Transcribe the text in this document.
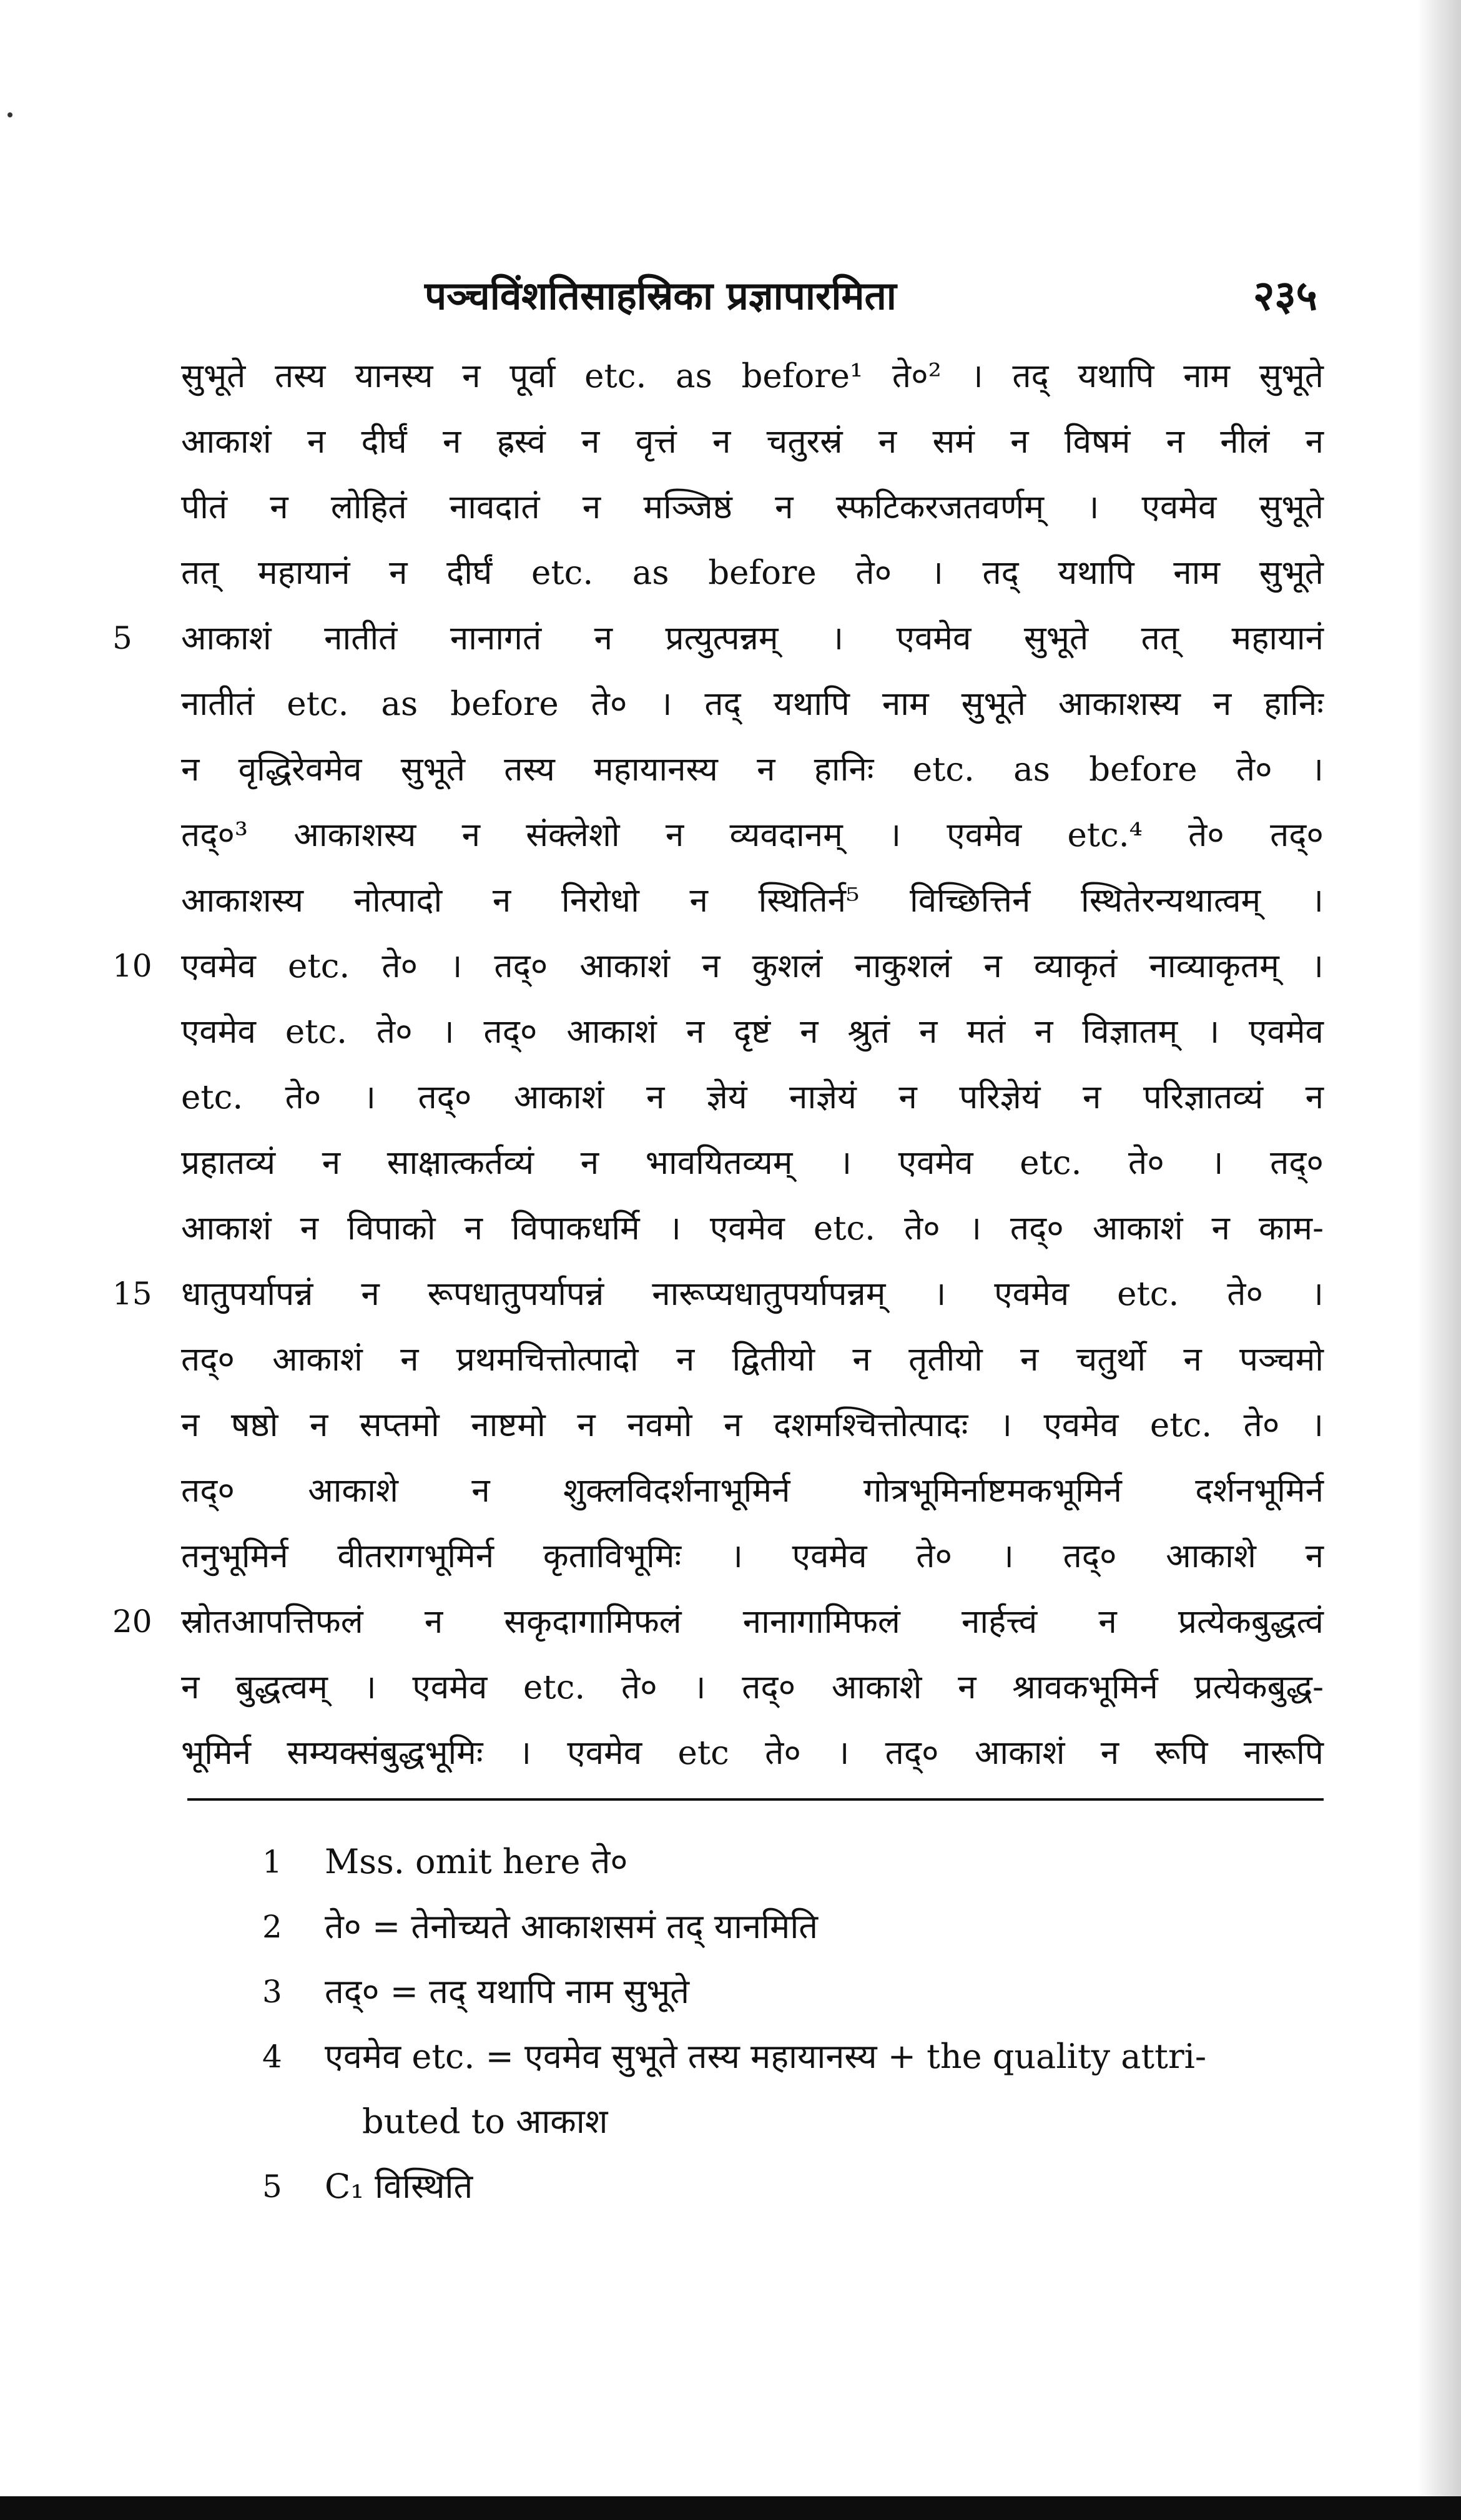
पञ्चविंशतिसाहस्रिका प्रज्ञापारमिता	२३५
सुभूते तस्य यानस्य न पूर्वा etc. as before¹ ते०² । तद् यथापि नाम सुभूते
आकाशं न दीर्घं न ह्रस्वं न वृत्तं न चतुरस्रं न समं न विषमं न नीलं न
पीतं न लोहितं नावदातं न मञ्जिष्ठं न स्फटिकरजतवर्णम् । एवमेव सुभूते
तत् महायानं न दीर्घं etc. as before ते० । तद् यथापि नाम सुभूते
5	आकाशं नातीतं नानागतं न प्रत्युत्पन्नम् । एवमेव सुभूते तत् महायानं
नातीतं etc. as before ते० । तद् यथापि नाम सुभूते आकाशस्य न हानिः
न वृद्धिरेवमेव सुभूते तस्य महायानस्य न हानिः etc. as before ते० ।
तद्०³ आकाशस्य न संक्लेशो न व्यवदानम् । एवमेव etc.⁴ ते० तद्०
आकाशस्य नोत्पादो न निरोधो न स्थितिर्न⁵ विच्छित्तिर्न स्थितेरन्यथात्वम् ।
10 एवमेव etc. ते० । तद्० आकाशं न कुशलं नाकुशलं न व्याकृतं नाव्याकृतम् ।
एवमेव etc. ते० । तद्० आकाशं न दृष्टं न श्रुतं न मतं न विज्ञातम् । एवमेव
etc. ते० । तद्० आकाशं न ज्ञेयं नाज्ञेयं न परिज्ञेयं न परिज्ञातव्यं न
प्रहातव्यं न साक्षात्कर्तव्यं न भावयितव्यम् । एवमेव etc. ते० । तद्०
आकाशं न विपाको न विपाकधर्मि । एवमेव etc. ते० । तद्० आकाशं न काम-
15 धातुपर्यापन्नं न रूपधातुपर्यापन्नं नारूप्यधातुपर्यापन्नम् । एवमेव etc. ते० ।
तद्० आकाशं न प्रथमचित्तोत्पादो न द्वितीयो न तृतीयो न चतुर्थो न पञ्चमो
न षष्ठो न सप्तमो नाष्टमो न नवमो न दशमश्चित्तोत्पादः । एवमेव etc. ते० ।
तद्० आकाशे न शुक्लविदर्शनाभूमिर्न गोत्रभूमिर्नाष्टमकभूमिर्न दर्शनभूमिर्न
तनुभूमिर्न वीतरागभूमिर्न कृताविभूमिः । एवमेव ते० । तद्० आकाशे न
20 स्रोतआपत्तिफलं न सकृदागामिफलं नानागामिफलं नार्हत्त्वं न प्रत्येकबुद्धत्वं
न बुद्धत्वम् । एवमेव etc. ते० । तद्० आकाशे न श्रावकभूमिर्न प्रत्येकबुद्ध-
भूमिर्न सम्यक्संबुद्धभूमिः । एवमेव etc ते० । तद्० आकाशं न रूपि नारूपि
1	Mss. omit here ते०
2	ते० = तेनोच्यते आकाशसमं तद् यानमिति
3	तद्० = तद् यथापि नाम सुभूते
4	एवमेव etc. = एवमेव सुभूते तस्य महायानस्य + the quality attri-
buted to आकाश
5	C₁ विस्थिति
